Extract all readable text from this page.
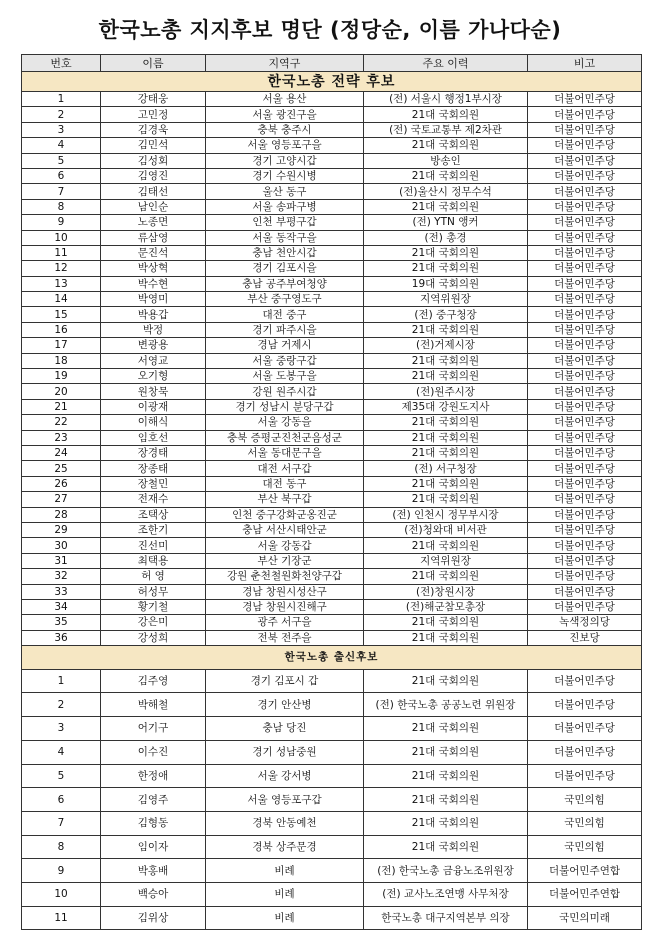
한국노총 지지후보 명단 (정당순, 이름 가나다순)
번호	이름	지역구	주요 이력	비고
한국노총 전략 후보				
1	강태웅	서울 용산	(전) 서울시 행정1부시장	더불어민주당
2	고민정	서울 광진구을	21대 국회의원	더불어민주당
3	김경욱	충북 충주시	(전) 국토교통부 제2차관	더불어민주당
4	김민석	서울 영등포구을	21대 국회의원	더불어민주당
5	김성회	경기 고양시갑	방송인	더불어민주당
6	김영진	경기 수원시병	21대 국회의원	더불어민주당
7	김태선	울산 동구	(전)울산시 정무수석	더불어민주당
8	남인순	서울 송파구병	21대 국회의원	더불어민주당
9	노종면	인천 부평구갑	(전) YTN 앵커	더불어민주당
10	류삼영	서울 동작구을	(전) 총경	더불어민주당
11	문진석	충남 천안시갑	21대 국회의원	더불어민주당
12	박상혁	경기 김포시을	21대 국회의원	더불어민주당
13	박수현	충남 공주부여청양	19대 국회의원	더불어민주당
14	박영미	부산 중구영도구	지역위원장	더불어민주당
15	박용갑	대전 중구	(전) 중구청장	더불어민주당
16	박정	경기 파주시을	21대 국회의원	더불어민주당
17	변광용	경남 거제시	(전)거제시장	더불어민주당
18	서영교	서울 중랑구갑	21대 국회의원	더불어민주당
19	오기형	서울 도봉구을	21대 국회의원	더불어민주당
20	원창묵	강원 원주시갑	(전)원주시장	더불어민주당
21	이광재	경기 성남시 분당구갑	제35대 강원도지사	더불어민주당
22	이해식	서울 강동을	21대 국회의원	더불어민주당
23	임호선	충북 증평군진천군음성군	21대 국회의원	더불어민주당
24	장경태	서울 동대문구을	21대 국회의원	더불어민주당
25	장종태	대전 서구갑	(전) 서구청장	더불어민주당
26	장철민	대전 동구	21대 국회의원	더불어민주당
27	전재수	부산 북구갑	21대 국회의원	더불어민주당
28	조택상	인천 중구강화군옹진군	(전) 인천시 정무부시장	더불어민주당
29	조한기	충남 서산시태안군	(전)청와대 비서관	더불어민주당
30	진선미	서울 강동갑	21대 국회의원	더불어민주당
31	최택용	부산 기장군	지역위원장	더불어민주당
32	허 영	강원 춘천철원화천양구갑	21대 국회의원	더불어민주당
33	허성무	경남 창원시성산구	(전)창원시장	더불어민주당
34	황기철	경남 창원시진해구	(전)해군참모총장	더불어민주당
35	강은미	광주 서구을	21대 국회의원	녹색정의당
36	강성희	전북 전주을	21대 국회의원	진보당
한국노총 출신후보				
1	김주영	경기 김포시 갑	21대 국회의원	더불어민주당
2	박해철	경기 안산병	(전) 한국노총 공공노련 위원장	더불어민주당
3	어기구	충남 당진	21대 국회의원	더불어민주당
4	이수진	경기 성남중원	21대 국회의원	더불어민주당
5	한정애	서울 강서병	21대 국회의원	더불어민주당
6	김영주	서울 영등포구갑	21대 국회의원	국민의힘
7	김형동	경북 안동예천	21대 국회의원	국민의힘
8	임이자	경북 상주문경	21대 국회의원	국민의힘
9	박홍배	비례	(전) 한국노총 금융노조위원장	더불어민주연합
10	백승아	비례	(전) 교사노조연맹 사무처장	더불어민주연합
11	김위상	비례	한국노총 대구지역본부 의장	국민의미래
